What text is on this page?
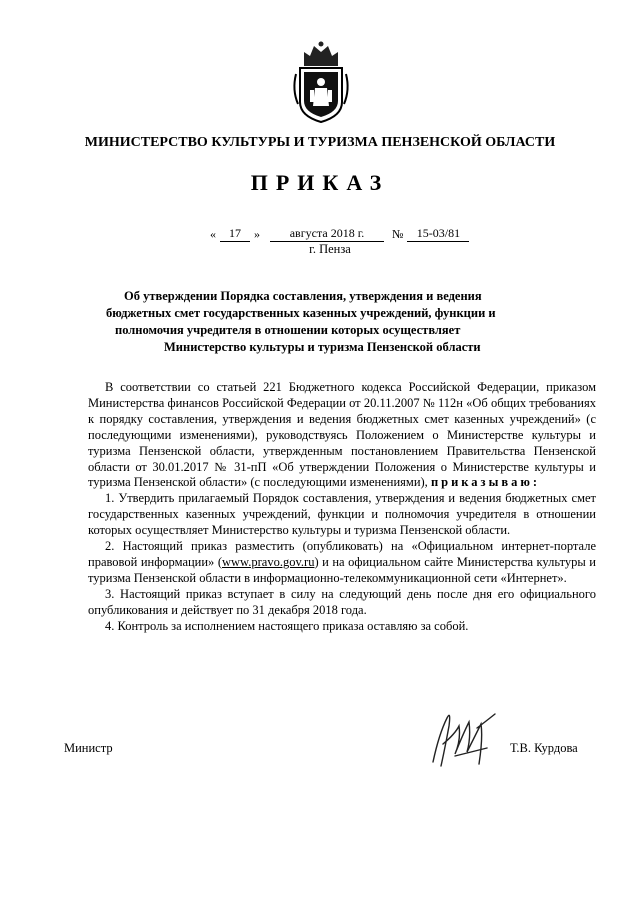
МИНИСТЕРСТВО КУЛЬТУРЫ И ТУРИЗМА ПЕНЗЕНСКОЙ ОБЛАСТИ
ПРИКАЗ
«	17	»	августа 2018 г.	№	15-03/81
г. Пенза
Об утверждении Порядка составления, утверждения и ведения
бюджетных смет государственных казенных учреждений, функции и
полномочия учредителя в отношении которых осуществляет
Министерство культуры и туризма Пензенской области

В соответствии со статьей 221 Бюджетного кодекса Российской Федерации, приказом Министерства финансов Российской Федерации от 20.11.2007 № 112н «Об общих требованиях к порядку составления, утверждения и ведения бюджетных смет казенных учреждений» (с последующими изменениями), руководствуясь Положением о Министерстве культуры и туризма Пензенской области, утвержденным постановлением Правительства Пензенской области от 30.01.2017 № 31-пП «Об утверждении Положения о Министерстве культуры и туризма Пензенской области» (с последующими изменениями), приказываю:

1. Утвердить прилагаемый Порядок составления, утверждения и ведения бюджетных смет государственных казенных учреждений, функции и полномочия учредителя в отношении которых осуществляет Министерство культуры и туризма Пензенской области.

2. Настоящий приказ разместить (опубликовать) на «Официальном интернет-портале правовой информации» (www.pravo.gov.ru) и на официальном сайте Министерства культуры и туризма Пензенской области в информационно-телекоммуникационной сети «Интернет».

3. Настоящий приказ вступает в силу на следующий день после дня его официального опубликования и действует по 31 декабря 2018 года.

4. Контроль за исполнением настоящего приказа оставляю за собой.

Министр	Т.В. Курдова
